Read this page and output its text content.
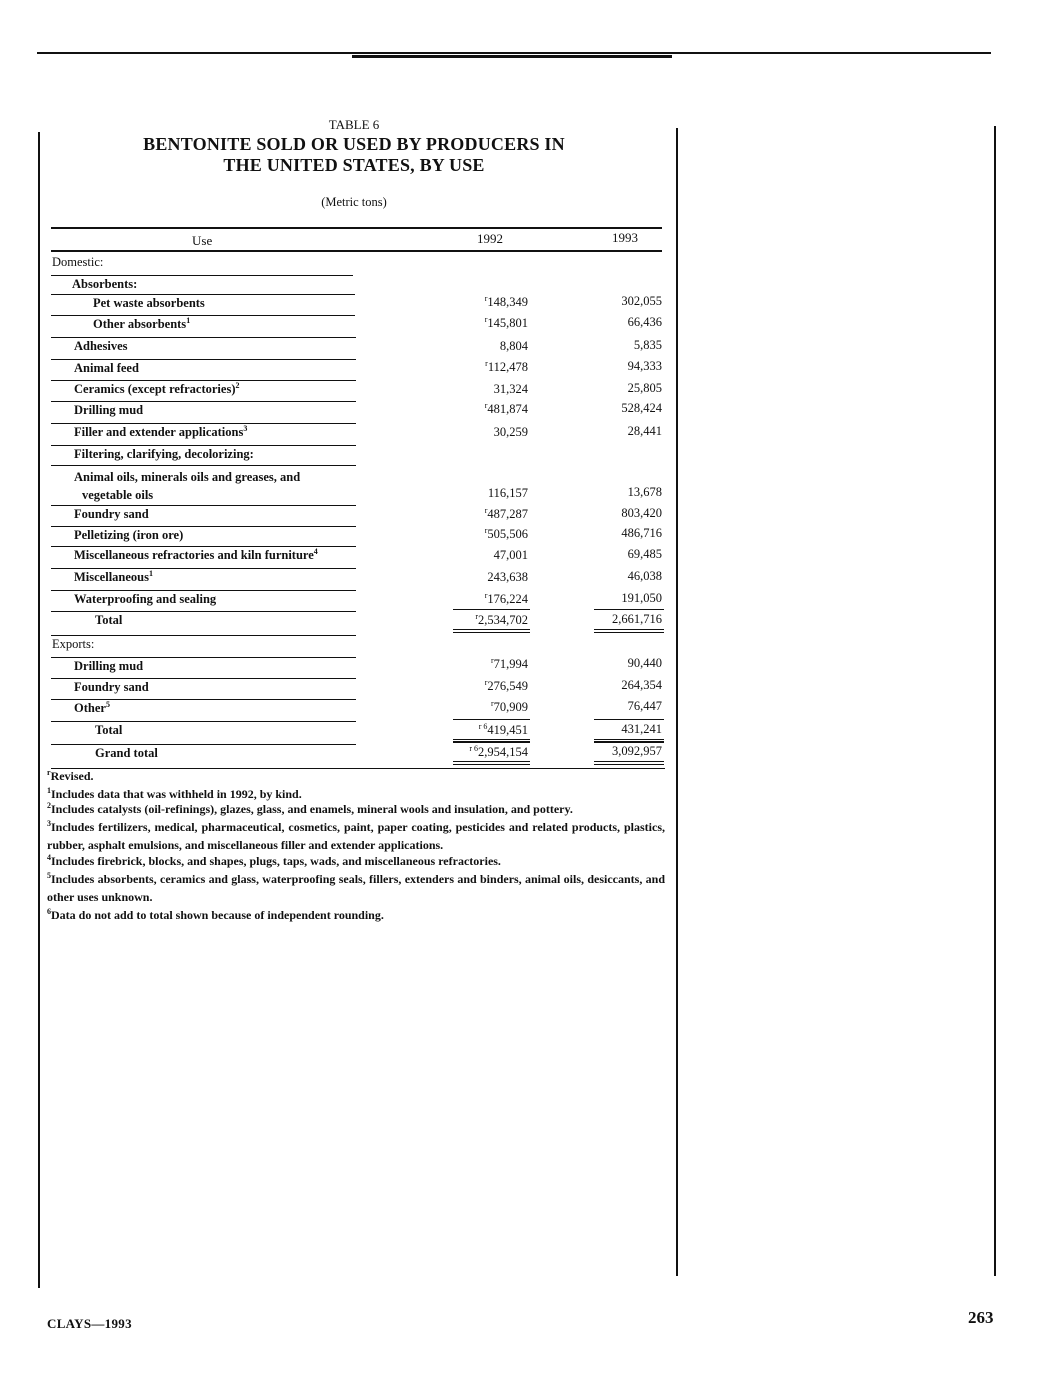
TABLE 6
BENTONITE SOLD OR USED BY PRODUCERS IN
THE UNITED STATES, BY USE
(Metric tons)
Use	1992	1993
Domestic:
Absorbents:
Pet waste absorbents	$^r$148,349	302,055
Other absorbents$^1$	$^r$145,801	66,436
Adhesives	8,804	5,835
Animal feed	$^r$112,478	94,333
Ceramics (except refractories)$^2$	31,324	25,805
Drilling mud	$^r$481,874	528,424
Filler and extender applications$^3$	30,259	28,441
Filtering, clarifying, decolorizing:
Animal oils, minerals oils and greases, and
vegetable oils	116,157	13,678
Foundry sand	$^r$487,287	803,420
Pelletizing (iron ore)	$^r$505,506	486,716
Miscellaneous refractories and kiln furniture$^4$	47,001	69,485
Miscellaneous$^1$	243,638	46,038
Waterproofing and sealing	$^r$176,224	191,050
Total	$^r$2,534,702	2,661,716
Exports:
Drilling mud	$^r$71,994	90,440
Foundry sand	$^r$276,549	264,354
Other$^5$	$^r$70,909	76,447
Total	$^r$ $^6$419,451	431,241
Grand total	$^r$ $^6$2,954,154	3,092,957
$^r$Revised.
$^1$Includes data that was withheld in 1992, by kind.
$^2$Includes catalysts (oil-refinings), glazes, glass, and enamels, mineral wools and insulation, and pottery.
$^3$Includes fertilizers, medical, pharmaceutical, cosmetics, paint, paper coating, pesticides and related products, plastics, rubber, asphalt emulsions, and miscellaneous filler and extender applications.
$^4$Includes firebrick, blocks, and shapes, plugs, taps, wads, and miscellaneous refractories.
$^5$Includes absorbents, ceramics and glass, waterproofing seals, fillers, extenders and binders, animal oils, desiccants, and other uses unknown.
$^6$Data do not add to total shown because of independent rounding.
CLAYS—1993	263
